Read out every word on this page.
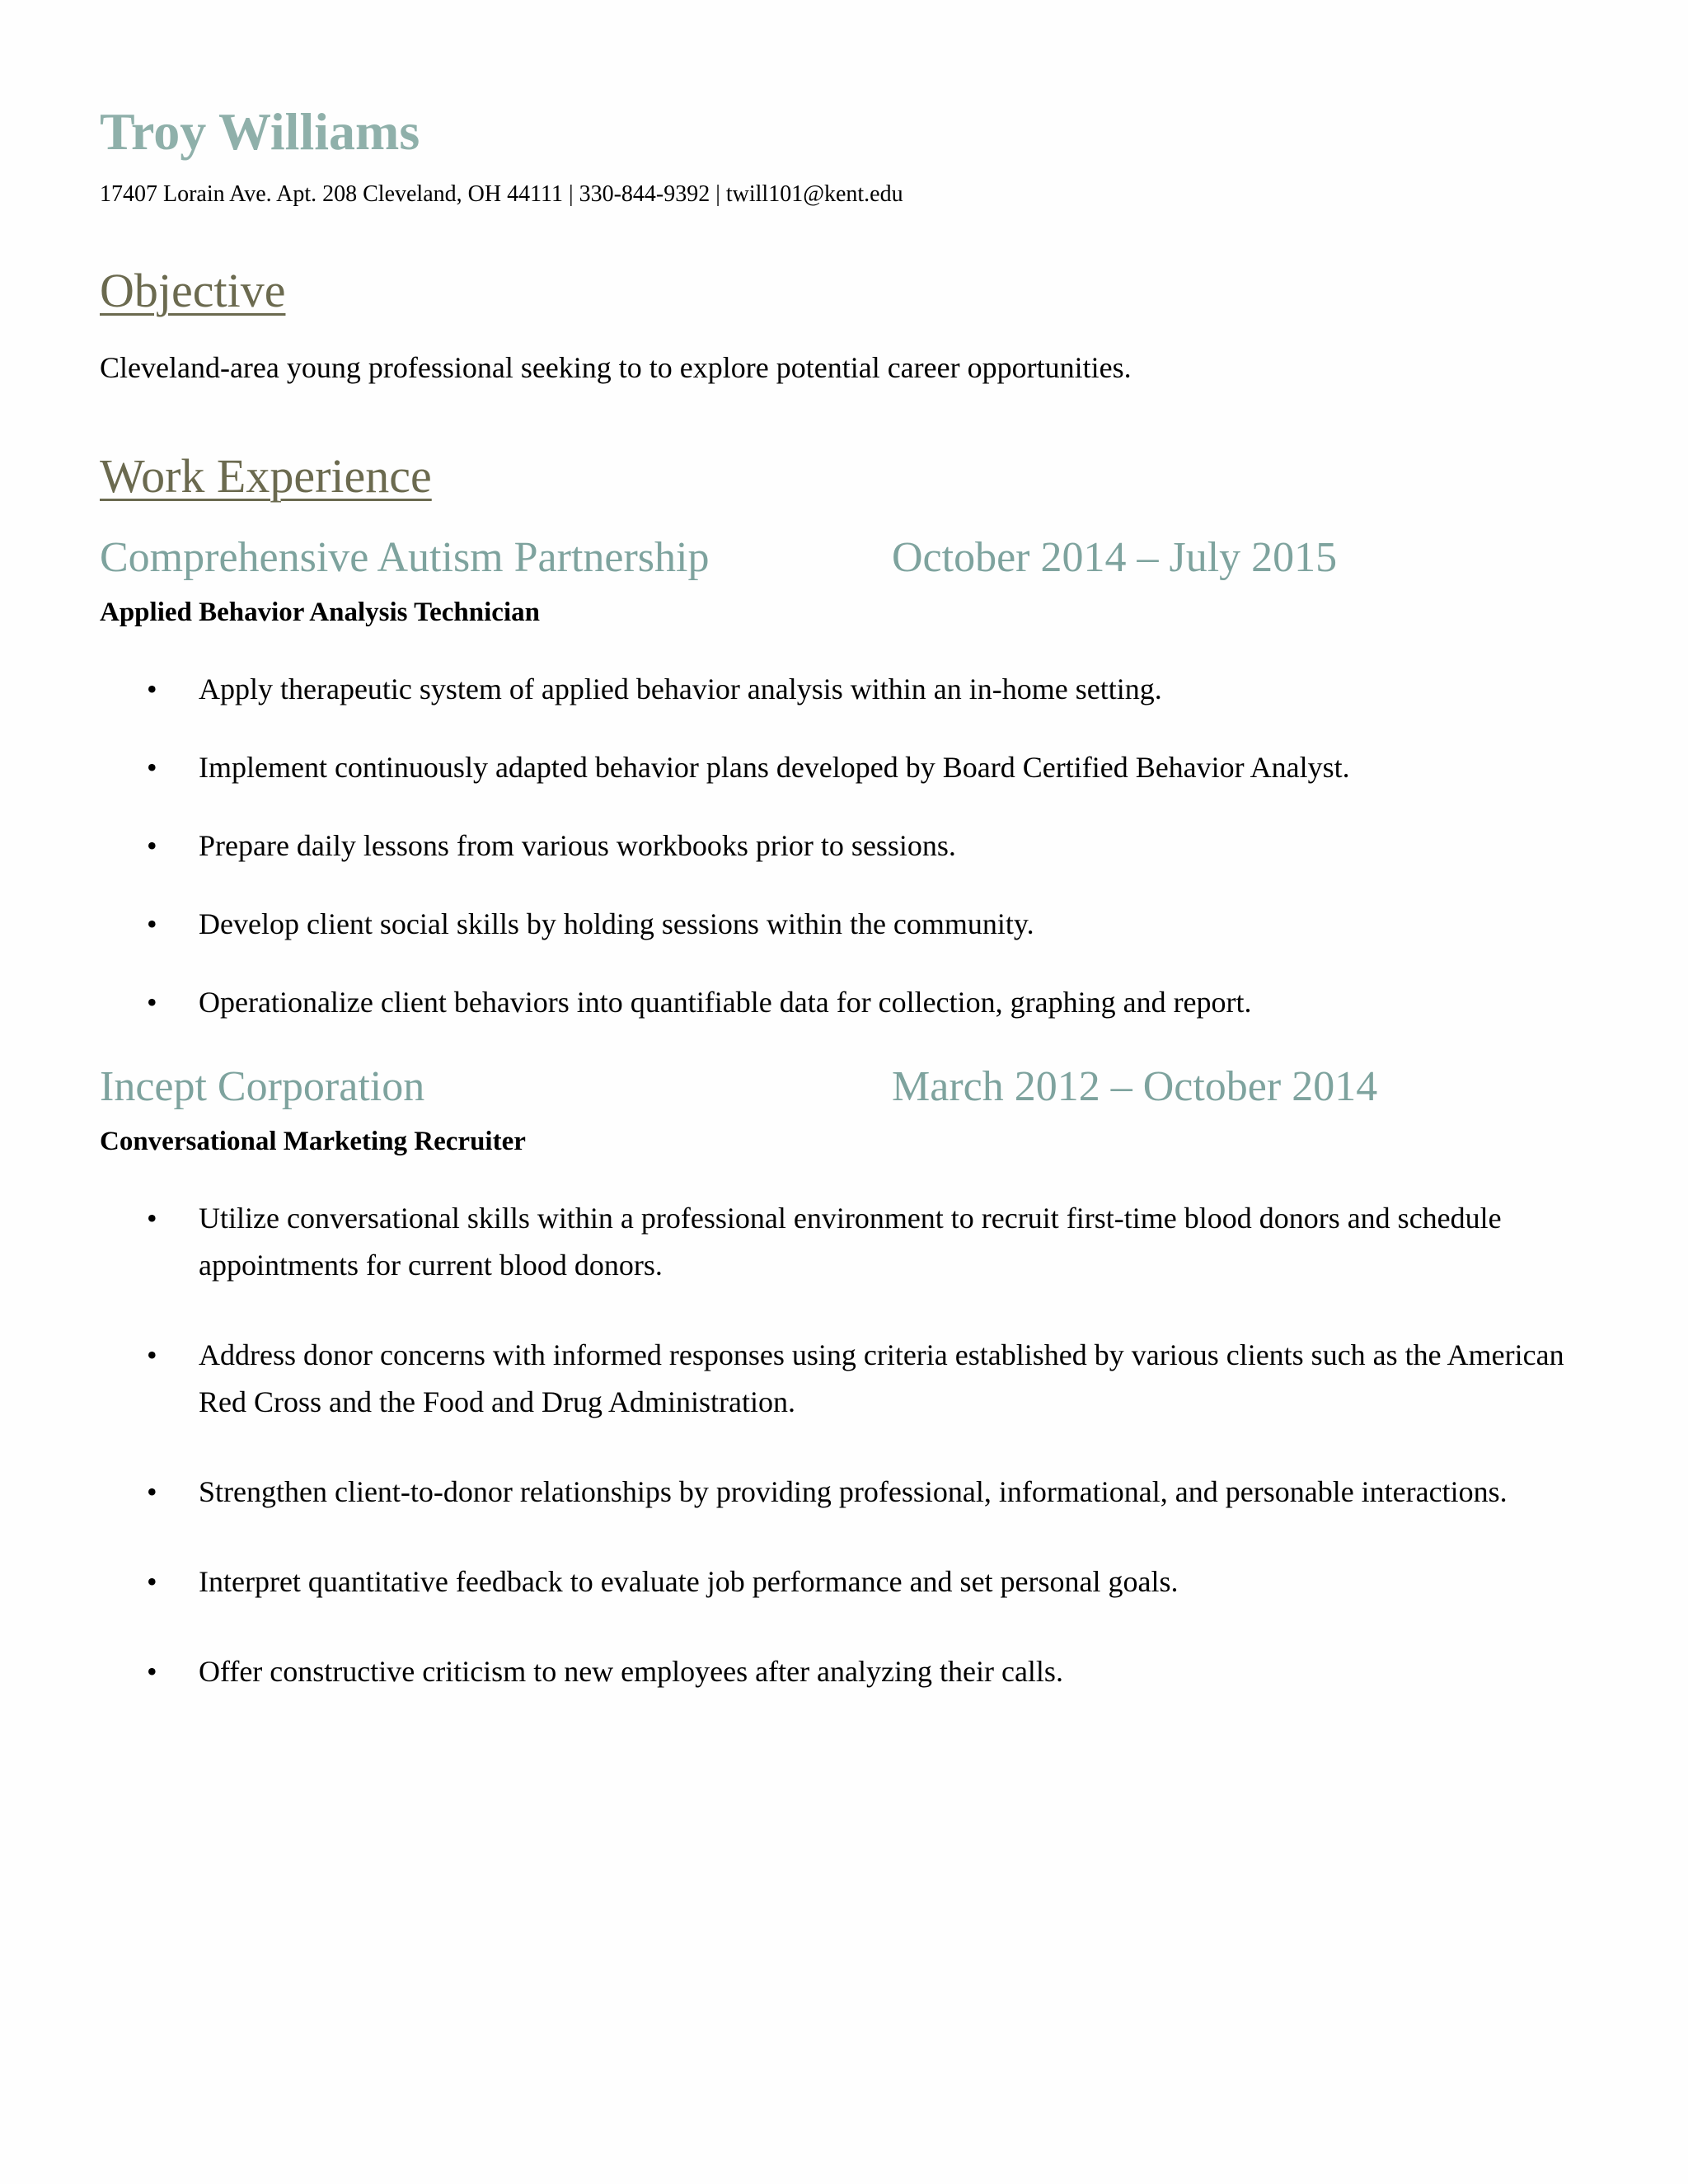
Troy Williams
17407 Lorain Ave. Apt. 208 Cleveland, OH 44111 | 330-844-9392 | twill101@kent.edu
Objective
Cleveland-area young professional seeking to to explore potential career opportunities.
Work Experience
Comprehensive Autism Partnership	October 2014 – July 2015
Applied Behavior Analysis Technician
• Apply therapeutic system of applied behavior analysis within an in-home setting.
• Implement continuously adapted behavior plans developed by Board Certified Behavior Analyst.
• Prepare daily lessons from various workbooks prior to sessions.
• Develop client social skills by holding sessions within the community.
• Operationalize client behaviors into quantifiable data for collection, graphing and report.
Incept Corporation	March 2012 – October 2014
Conversational Marketing Recruiter
• Utilize conversational skills within a professional environment to recruit first-time blood donors and schedule appointments for current blood donors.
• Address donor concerns with informed responses using criteria established by various clients such as the American Red Cross and the Food and Drug Administration.
• Strengthen client-to-donor relationships by providing professional, informational, and personable interactions.
• Interpret quantitative feedback to evaluate job performance and set personal goals.
• Offer constructive criticism to new employees after analyzing their calls.
